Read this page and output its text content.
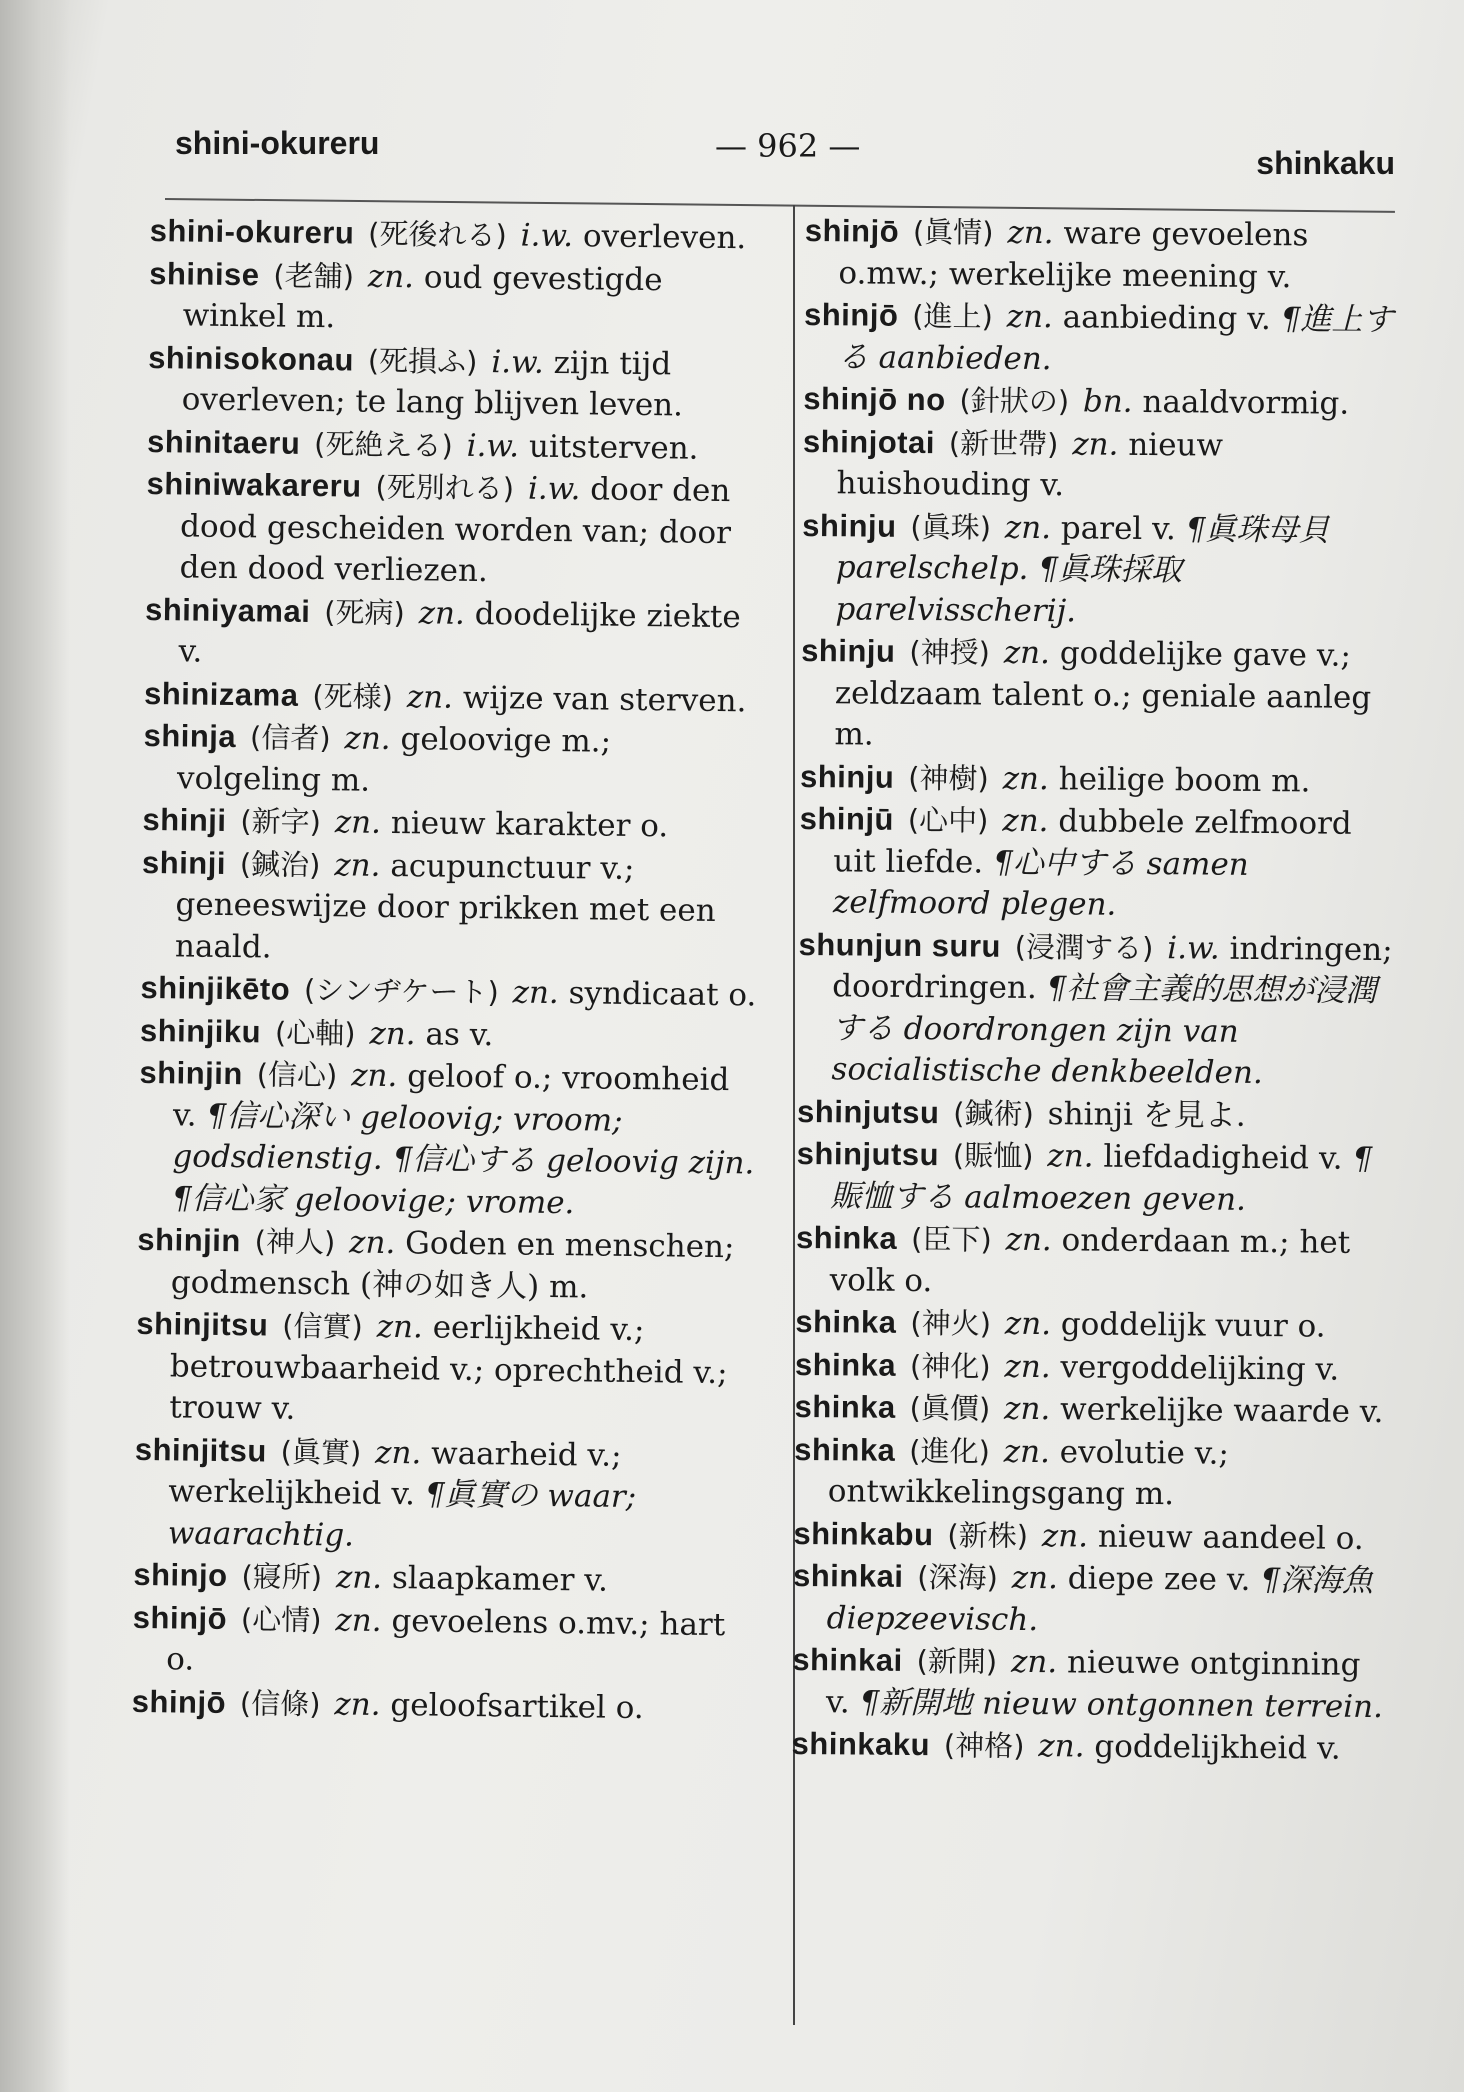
shini-okureru	— 962 —	shinkaku
shini-okureru (死後れる) i.w. overleven.
shinise (老舗) zn. oud gevestigde winkel m.
shinisokonau (死損ふ) i.w. zijn tijd overleven; te lang blijven leven.
shinitaeru (死絶える) i.w. uitsterven.
shiniwakareru (死別れる) i.w. door den dood gescheiden worden van; door den dood verliezen.
shiniyamai (死病) zn. doodelijke ziekte v.
shinizama (死様) zn. wijze van sterven.
shinja (信者) zn. geloovige m.; volgeling m.
shinji (新字) zn. nieuw karakter o.
shinji (鍼治) zn. acupunctuur v.; geneeswijze door prikken met een naald.
shinjikēto (シンヂケート) zn. syndicaat o.
shinjiku (心軸) zn. as v.
shinjin (信心) zn. geloof o.; vroomheid v. ¶信心深い geloovig; vroom; godsdienstig. ¶信心する geloovig zijn. ¶信心家 geloovige; vrome.
shinjin (神人) zn. Goden en menschen; godmensch (神の如き人) m.
shinjitsu (信實) zn. eerlijkheid v.; betrouwbaarheid v.; oprechtheid v.; trouw v.
shinjitsu (眞實) zn. waarheid v.; werkelijkheid v. ¶眞實の waar; waarachtig.
shinjo (寢所) zn. slaapkamer v.
shinjō (心情) zn. gevoelens o.mv.; hart o.
shinjō (信條) zn. geloofsartikel o.
shinjō (眞情) zn. ware gevoelens o.mw.; werkelijke meening v.
shinjō (進上) zn. aanbieding v. ¶進上する aanbieden.
shinjō no (針狀の) bn. naaldvormig.
shinjotai (新世帶) zn. nieuw huishouding v.
shinju (眞珠) zn. parel v. ¶眞珠母貝 parelschelp. ¶眞珠採取 parelvisscherij.
shinju (神授) zn. goddelijke gave v.; zeldzaam talent o.; geniale aanleg m.
shinju (神樹) zn. heilige boom m.
shinjū (心中) zn. dubbele zelfmoord uit liefde. ¶心中する samen zelfmoord plegen.
shunjun suru (浸潤する) i.w. indringen; doordringen. ¶社會主義的思想が浸潤する doordrongen zijn van socialistische denkbeelden.
shinjutsu (鍼術) shinji を見よ.
shinjutsu (賑恤) zn. liefdadigheid v. ¶賑恤する aalmoezen geven.
shinka (臣下) zn. onderdaan m.; het volk o.
shinka (神火) zn. goddelijk vuur o.
shinka (神化) zn. vergoddelijking v.
shinka (眞價) zn. werkelijke waarde v.
shinka (進化) zn. evolutie v.; ontwikkelingsgang m.
shinkabu (新株) zn. nieuw aandeel o.
shinkai (深海) zn. diepe zee v. ¶深海魚 diepzeevisch.
shinkai (新開) zn. nieuwe ontginning v. ¶新開地 nieuw ontgonnen terrein.
shinkaku (神格) zn. goddelijkheid v.
